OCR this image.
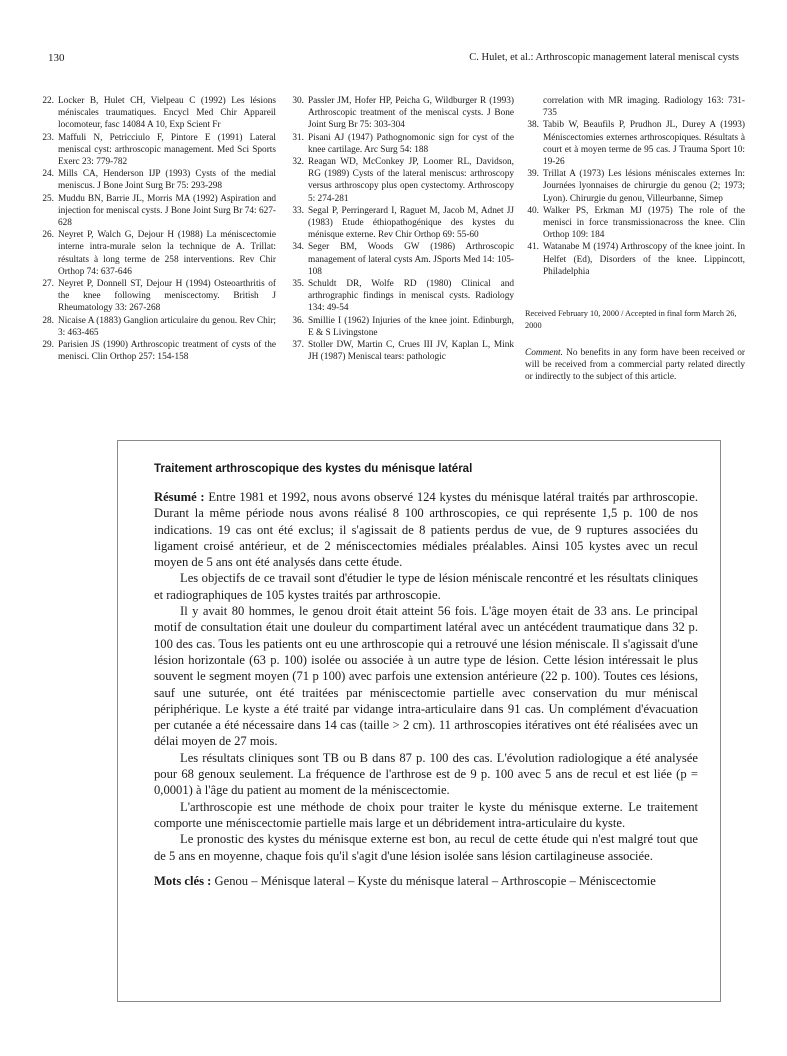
130	C. Hulet, et al.: Arthroscopic management lateral meniscal cysts
22. Locker B, Hulet CH, Vielpeau C (1992) Les lésions méniscales traumatiques. Encycl Med Chir Appareil locomoteur, fasc 14084 A 10, Exp Scient Fr
23. Maffuli N, Petricciulo F, Pintore E (1991) Lateral meniscal cyst: arthroscopic management. Med Sci Sports Exerc 23: 779-782
24. Mills CA, Henderson IJP (1993) Cysts of the medial meniscus. J Bone Joint Surg Br 75: 293-298
25. Muddu BN, Barrie JL, Morris MA (1992) Aspiration and injection for meniscal cysts. J Bone Joint Surg Br 74: 627-628
26. Neyret P, Walch G, Dejour H (1988) La méniscectomie interne intra-murale selon la technique de A. Trillat: résultats à long terme de 258 interventions. Rev Chir Orthop 74: 637-646
27. Neyret P, Donnell ST, Dejour H (1994) Osteoarthritis of the knee following meniscectomy. British J Rheumatology 33: 267-268
28. Nicaise A (1883) Ganglion articulaire du genou. Rev Chir; 3: 463-465
29. Parisien JS (1990) Arthroscopic treatment of cysts of the menisci. Clin Orthop 257: 154-158
30. Passler JM, Hofer HP, Peicha G, Wildburger R (1993) Arthroscopic treatment of the meniscal cysts. J Bone Joint Surg Br 75: 303-304
31. Pisani AJ (1947) Pathognomonic sign for cyst of the knee cartilage. Arc Surg 54: 188
32. Reagan WD, McConkey JP, Loomer RL, Davidson, RG (1989) Cysts of the lateral meniscus: arthroscopy versus arthroscopy plus open cystectomy. Arthroscopy 5: 274-281
33. Segal P, Perringerard I, Raguet M, Jacob M, Adnet JJ (1983) Etude éthiopathogénique des kystes du ménisque externe. Rev Chir Orthop 69: 55-60
34. Seger BM, Woods GW (1986) Arthroscopic management of lateral cysts Am. JSports Med 14: 105-108
35. Schuldt DR, Wolfe RD (1980) Clinical and arthrographic findings in meniscal cysts. Radiology 134: 49-54
36. Smillie I (1962) Injuries of the knee joint. Edinburgh, E & S Livingstone
37. Stoller DW, Martin C, Crues III JV, Kaplan L, Mink JH (1987) Meniscal tears: pathologic
correlation with MR imaging. Radiology 163: 731-735
38. Tabib W, Beaufils P, Prudhon JL, Durey A (1993) Méniscectomies externes arthroscopiques. Résultats à court et à moyen terme de 95 cas. J Trauma Sport 10: 19-26
39. Trillat A (1973) Les lésions méniscales externes In: Journées lyonnaises de chirurgie du genou (2; 1973; Lyon). Chirurgie du genou, Villeurbanne, Simep
40. Walker PS, Erkman MJ (1975) The role of the menisci in force transmissionacross the knee. Clin Orthop 109: 184
41. Watanabe M (1974) Arthroscopy of the knee joint. In Helfet (Ed), Disorders of the knee. Lippincott, Philadelphia
Received February 10, 2000 / Accepted in final form March 26, 2000
Comment. No benefits in any form have been received or will be received from a commercial party related directly or indirectly to the subject of this article.
Traitement arthroscopique des kystes du ménisque latéral

Résumé : Entre 1981 et 1992, nous avons observé 124 kystes du ménisque latéral traités par arthroscopie. Durant la même période nous avons réalisé 8 100 arthroscopies, ce qui représente 1,5 p. 100 de nos indications. 19 cas ont été exclus; il s'agissait de 8 patients perdus de vue, de 9 ruptures associées du ligament croisé antérieur, et de 2 méniscectomies médiales préalables. Ainsi 105 kystes avec un recul moyen de 5 ans ont été analysés dans cette étude.

Les objectifs de ce travail sont d'étudier le type de lésion méniscale rencontré et les résultats cliniques et radiographiques de 105 kystes traités par arthroscopie.

Il y avait 80 hommes, le genou droit était atteint 56 fois. L'âge moyen était de 33 ans. Le principal motif de consultation était une douleur du compartiment latéral avec un antécédent traumatique dans 32 p. 100 des cas. Tous les patients ont eu une arthroscopie qui a retrouvé une lésion méniscale. Il s'agissait d'une lésion horizontale (63 p. 100) isolée ou associée à un autre type de lésion. Cette lésion intéressait le plus souvent le segment moyen (71 p 100) avec parfois une extension antérieure (22 p. 100). Toutes ces lésions, sauf une suturée, ont été traitées par méniscectomie partielle avec conservation du mur méniscal périphérique. Le kyste a été traité par vidange intra-articulaire dans 91 cas. Un complément d'évacuation per cutanée a été nécessaire dans 14 cas (taille > 2 cm). 11 arthroscopies itératives ont été réalisées avec un délai moyen de 27 mois.

Les résultats cliniques sont TB ou B dans 87 p. 100 des cas. L'évolution radiologique a été analysée pour 68 genoux seulement. La fréquence de l'arthrose est de 9 p. 100 avec 5 ans de recul et est liée (p = 0,0001) à l'âge du patient au moment de la méniscectomie.

L'arthroscopie est une méthode de choix pour traiter le kyste du ménisque externe. Le traitement comporte une méniscectomie partielle mais large et un débridement intra-articulaire du kyste.

Le pronostic des kystes du ménisque externe est bon, au recul de cette étude qui n'est malgré tout que de 5 ans en moyenne, chaque fois qu'il s'agit d'une lésion isolée sans lésion cartilagineuse associée.

Mots clés : Genou – Ménisque lateral – Kyste du ménisque lateral – Arthroscopie – Méniscectomie
